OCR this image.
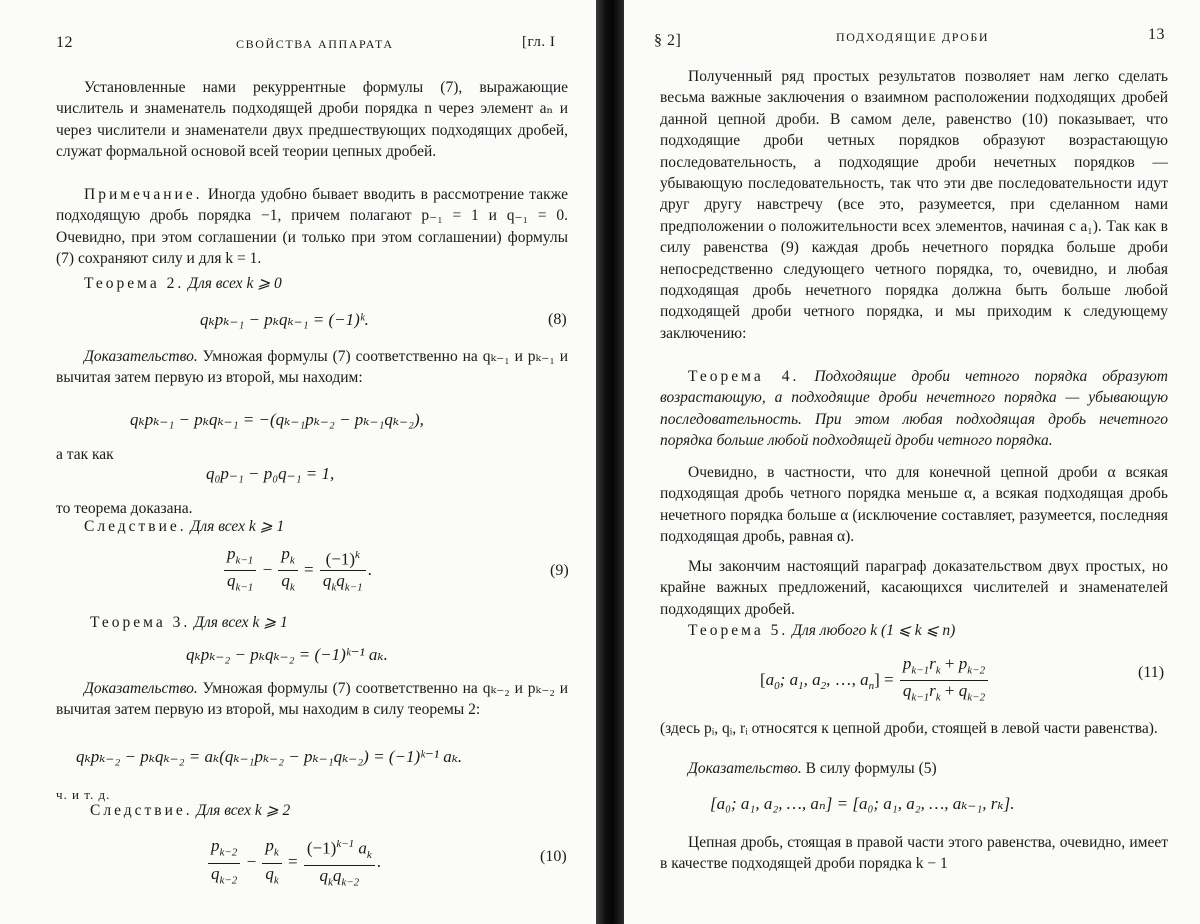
12	СВОЙСТВА АППАРАТА	[гл. I

Установленные нами рекуррентные формулы (7), выражающие числитель и знаменатель подходящей дроби порядка n через элемент aₙ и через числители и знаменатели двух предшествующих подходящих дробей, служат формальной основой всей теории цепных дробей.

Примечание. Иногда удобно бывает вводить в рассмотрение также подходящую дробь порядка −1, причем полагают p₋₁ = 1 и q₋₁ = 0. Очевидно, при этом соглашении (и только при этом соглашении) формулы (7) сохраняют силу и для k = 1.

Теорема 2. Для всех k ⩾ 0

qₖpₖ₋₁ − pₖqₖ₋₁ = (−1)ᵏ.	(8)

Доказательство. Умножая формулы (7) соответственно на qₖ₋₁ и pₖ₋₁ и вычитая затем первую из второй, мы находим:

qₖpₖ₋₁ − pₖqₖ₋₁ = −(qₖ₋₁pₖ₋₂ − pₖ₋₁qₖ₋₂),
а так как
q₀p₋₁ − p₀q₋₁ = 1,
то теорема доказана.

Следствие. Для всех k ⩾ 1

$\frac{p_{k-1}}{q_{k-1}} - \frac{p_k}{q_k} = \frac{(-1)^k}{q_kq_{k-1}}$ .	(9)

Теорема 3. Для всех k ⩾ 1

qₖpₖ₋₂ − pₖqₖ₋₂ = (−1)ᵏ⁻¹ aₖ.

Доказательство. Умножая формулы (7) соответственно на qₖ₋₂ и pₖ₋₂ и вычитая затем первую из второй, мы находим в силу теоремы 2:

qₖpₖ₋₂ − pₖqₖ₋₂ = aₖ(qₖ₋₁pₖ₋₂ − pₖ₋₁qₖ₋₂) = (−1)ᵏ⁻¹ aₖ.
ч. и т. д.

Следствие. Для всех k ⩾ 2

$\frac{p_{k-2}}{q_{k-2}} - \frac{p_k}{q_k} = \frac{(-1)^{k-1} a_k}{q_kq_{k-2}}$ .	(10)
§ 2]	ПОДХОДЯЩИЕ ДРОБИ	13

Полученный ряд простых результатов позволяет нам легко сделать весьма важные заключения о взаимном расположении подходящих дробей данной цепной дроби. В самом деле, равенство (10) показывает, что подходящие дроби четных порядков образуют возрастающую последовательность, а подходящие дроби нечетных порядков — убывающую последовательность, так что эти две последовательности идут друг другу навстречу (все это, разумеется, при сделанном нами предположении о положительности всех элементов, начиная с a₁). Так как в силу равенства (9) каждая дробь нечетного порядка больше дроби непосредственно следующего четного порядка, то, очевидно, и любая подходящая дробь нечетного порядка должна быть больше любой подходящей дроби четного порядка, и мы приходим к следующему заключению:

Теорема 4. Подходящие дроби четного порядка образуют возрастающую, а подходящие дроби нечетного порядка — убывающую последовательность. При этом любая подходящая дробь нечетного порядка больше любой подходящей дроби четного порядка.

Очевидно, в частности, что для конечной цепной дроби α всякая подходящая дробь четного порядка меньше α, а всякая подходящая дробь нечетного порядка больше α (исключение составляет, разумеется, последняя подходящая дробь, равная α).

Мы закончим настоящий параграф доказательством двух простых, но крайне важных предложений, касающихся числителей и знаменателей подходящих дробей.

Теорема 5. Для любого k (1 ⩽ k ⩽ n)

[$a_0$; $a_1$, $a_2$, …, $a_n] = \frac{p_{k-1}r_k + p_{k-2}}{q_{k-1}r_k + q_{k-2}}$	(11)

(здесь pᵢ, qᵢ, rᵢ относятся к цепной дроби, стоящей в левой части равенства).

Доказательство. В силу формулы (5)

[a₀; a₁, a₂, …, aₙ] = [a₀; a₁, a₂, …, aₖ₋₁, rₖ].

Цепная дробь, стоящая в правой части этого равенства, очевидно, имеет в качестве подходящей дроби порядка k − 1
